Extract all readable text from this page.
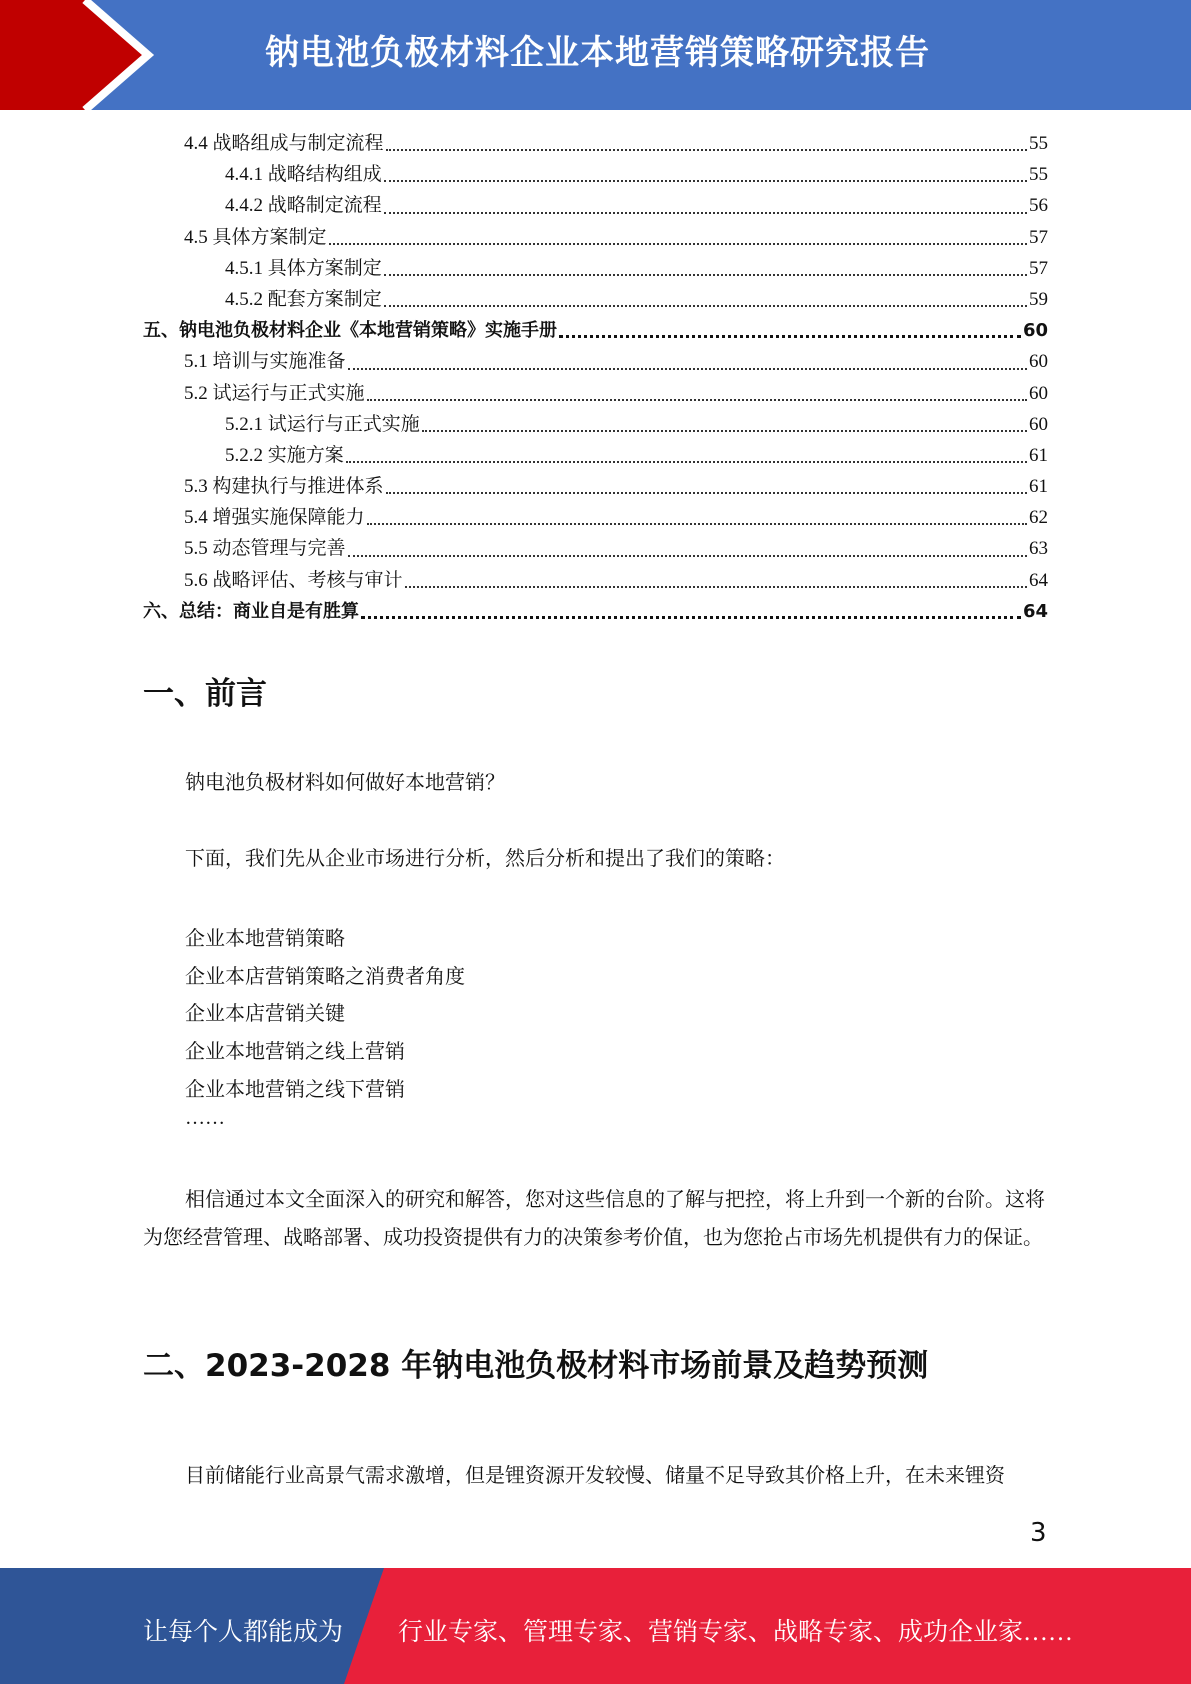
钠电池负极材料企业本地营销策略研究报告
4.4 战略组成与制定流程	55
4.4.1 战略结构组成	55
4.4.2 战略制定流程	56
4.5 具体方案制定	57
4.5.1 具体方案制定	57
4.5.2 配套方案制定	59
五、钠电池负极材料企业《本地营销策略》实施手册	60
5.1 培训与实施准备	60
5.2 试运行与正式实施	60
5.2.1 试运行与正式实施	60
5.2.2 实施方案	61
5.3 构建执行与推进体系	61
5.4 增强实施保障能力	62
5.5 动态管理与完善	63
5.6 战略评估、考核与审计	64
六、总结：商业自是有胜算	64
一、前言
钠电池负极材料如何做好本地营销？
下面，我们先从企业市场进行分析，然后分析和提出了我们的策略：
企业本地营销策略
企业本店营销策略之消费者角度
企业本店营销关键
企业本地营销之线上营销
企业本地营销之线下营销
……
相信通过本文全面深入的研究和解答，您对这些信息的了解与把控，将上升到一个新的台阶。这将为您经营管理、战略部署、成功投资提供有力的决策参考价值，也为您抢占市场先机提供有力的保证。
二、2023-2028 年钠电池负极材料市场前景及趋势预测
目前储能行业高景气需求激增，但是锂资源开发较慢、储量不足导致其价格上升，在未来锂资
3
让每个人都能成为 行业专家、管理专家、营销专家、战略专家、成功企业家……
